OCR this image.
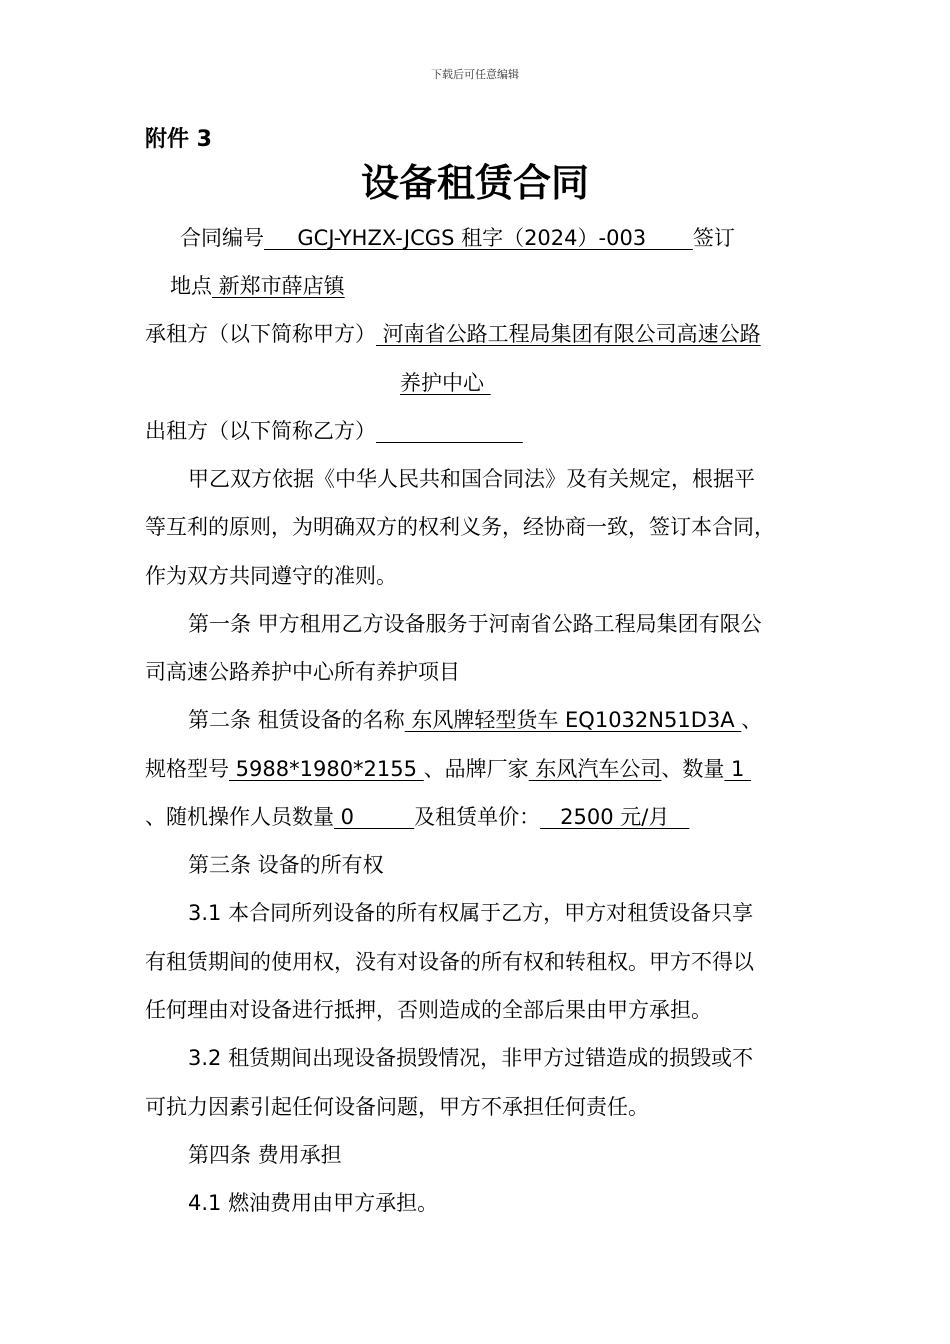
下载后可任意编辑
附件 3
设备租赁合同
合同编号     GCJ-YHZX-JCGS 租字（2024）-003       签订
地点 新郑市薛店镇
承租方（以下简称甲方） 河南省公路工程局集团有限公司高速公路
养护中心
出租方（以下简称乙方）
甲乙双方依据《中华人民共和国合同法》及有关规定，根据平
等互利的原则，为明确双方的权利义务，经协商一致，签订本合同，
作为双方共同遵守的准则。
第一条 甲方租用乙方设备服务于河南省公路工程局集团有限公
司高速公路养护中心所有养护项目
第二条 租赁设备的名称 东风牌轻型货车 EQ1032N51D3A 、
规格型号 5988*1980*2155 、品牌厂家 东风汽车公司、数量 1
、随机操作人员数量 0         及租赁单价：   2500 元/月
第三条 设备的所有权
3.1 本合同所列设备的所有权属于乙方，甲方对租赁设备只享
有租赁期间的使用权，没有对设备的所有权和转租权。甲方不得以
任何理由对设备进行抵押，否则造成的全部后果由甲方承担。
3.2 租赁期间出现设备损毁情况，非甲方过错造成的损毁或不
可抗力因素引起任何设备问题，甲方不承担任何责任。
第四条 费用承担
4.1 燃油费用由甲方承担。
